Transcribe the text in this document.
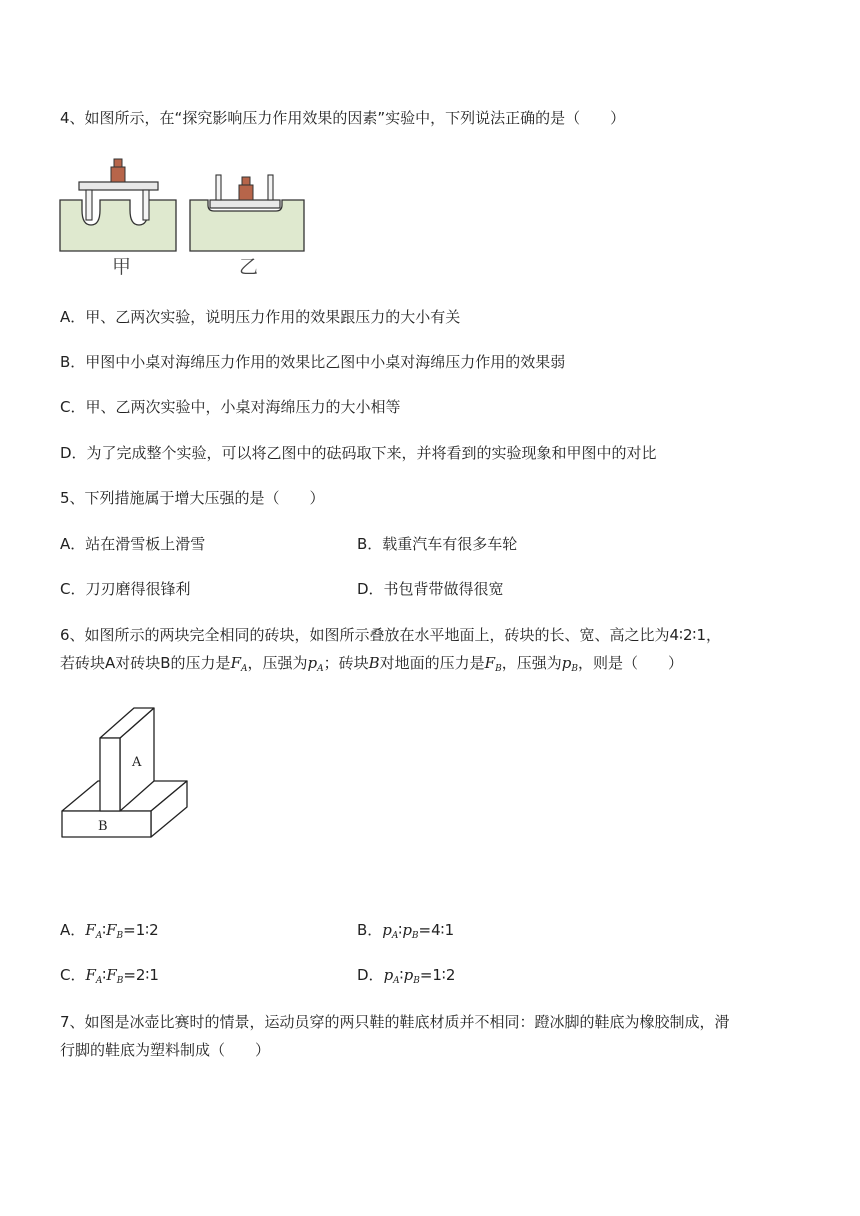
4、如图所示，在“探究影响压力作用效果的因素”实验中，下列说法正确的是（　　）
甲	乙
A．甲、乙两次实验，说明压力作用的效果跟压力的大小有关
B．甲图中小桌对海绵压力作用的效果比乙图中小桌对海绵压力作用的效果弱
C．甲、乙两次实验中，小桌对海绵压力的大小相等
D．为了完成整个实验，可以将乙图中的砝码取下来，并将看到的实验现象和甲图中的对比
5、下列措施属于增大压强的是（　　）
A．站在滑雪板上滑雪	B．载重汽车有很多车轮
C．刀刃磨得很锋利	D．书包背带做得很宽
6、如图所示的两块完全相同的砖块，如图所示叠放在水平地面上，砖块的长、宽、高之比为4∶2∶1，
若砖块A对砖块B的压力是$F_A$，压强为$p_A$；砖块B对地面的压力是$F_B$，压强为$p_B$，则是（　　）
A
B
A．$F_A∶F_B=1∶2$	B．$p_A∶p_B=4∶1$
C．$F_A∶F_B=2∶1$	D．$p_A∶p_B=1∶2$
7、如图是冰壶比赛时的情景，运动员穿的两只鞋的鞋底材质并不相同：蹬冰脚的鞋底为橡胶制成，滑
行脚的鞋底为塑料制成（　　）
